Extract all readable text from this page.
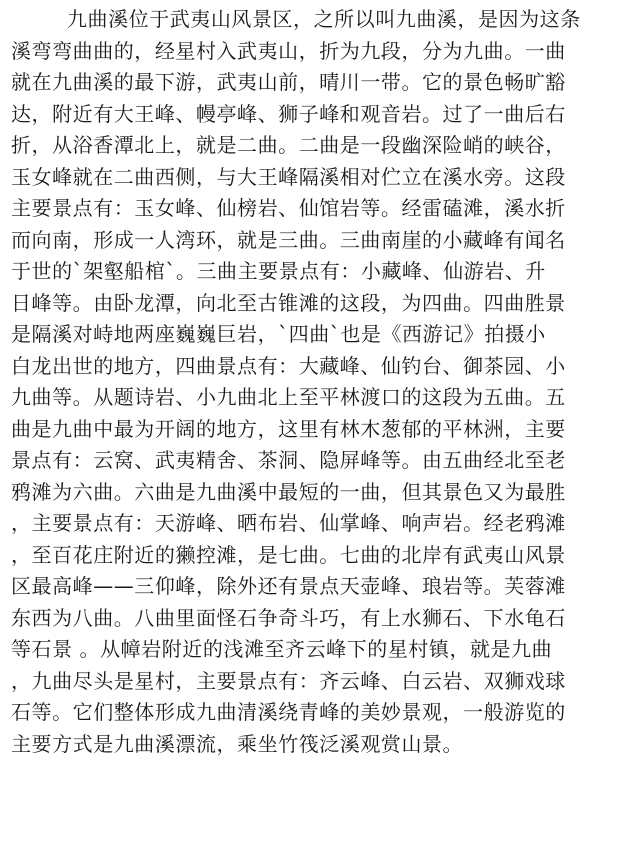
九曲溪位于武夷山风景区，之所以叫九曲溪，是因为这条
溪弯弯曲曲的，经星村入武夷山，折为九段，分为九曲。一曲
就在九曲溪的最下游，武夷山前，晴川一带。它的景色畅旷豁
达，附近有大王峰、幔亭峰、狮子峰和观音岩。过了一曲后右
折，从浴香潭北上，就是二曲。二曲是一段幽深险峭的峡谷，
玉女峰就在二曲西侧，与大王峰隔溪相对伫立在溪水旁。这段
主要景点有：玉女峰、仙榜岩、仙馆岩等。经雷磕滩，溪水折
而向南，形成一人湾环，就是三曲。三曲南崖的小藏峰有闻名
于世的`架壑船棺`。三曲主要景点有：小藏峰、仙游岩、升
日峰等。由卧龙潭，向北至古锥滩的这段，为四曲。四曲胜景
是隔溪对峙地两座巍巍巨岩，`四曲`也是《西游记》拍摄小
白龙出世的地方，四曲景点有：大藏峰、仙钓台、御茶园、小
九曲等。从题诗岩、小九曲北上至平林渡口的这段为五曲。五
曲是九曲中最为开阔的地方，这里有林木葱郁的平林洲，主要
景点有：云窝、武夷精舍、茶洞、隐屏峰等。由五曲经北至老
鸦滩为六曲。六曲是九曲溪中最短的一曲，但其景色又为最胜
，主要景点有：天游峰、晒布岩、仙掌峰、响声岩。经老鸦滩
，至百花庄附近的獭控滩，是七曲。七曲的北岸有武夷山风景
区最高峰——三仰峰，除外还有景点天壶峰、琅岩等。芙蓉滩
东西为八曲。八曲里面怪石争奇斗巧，有上水狮石、下水龟石
等石景 。从幛岩附近的浅滩至齐云峰下的星村镇，就是九曲
，九曲尽头是星村，主要景点有：齐云峰、白云岩、双狮戏球
石等。它们整体形成九曲清溪绕青峰的美妙景观，一般游览的
主要方式是九曲溪漂流，乘坐竹筏泛溪观赏山景。
